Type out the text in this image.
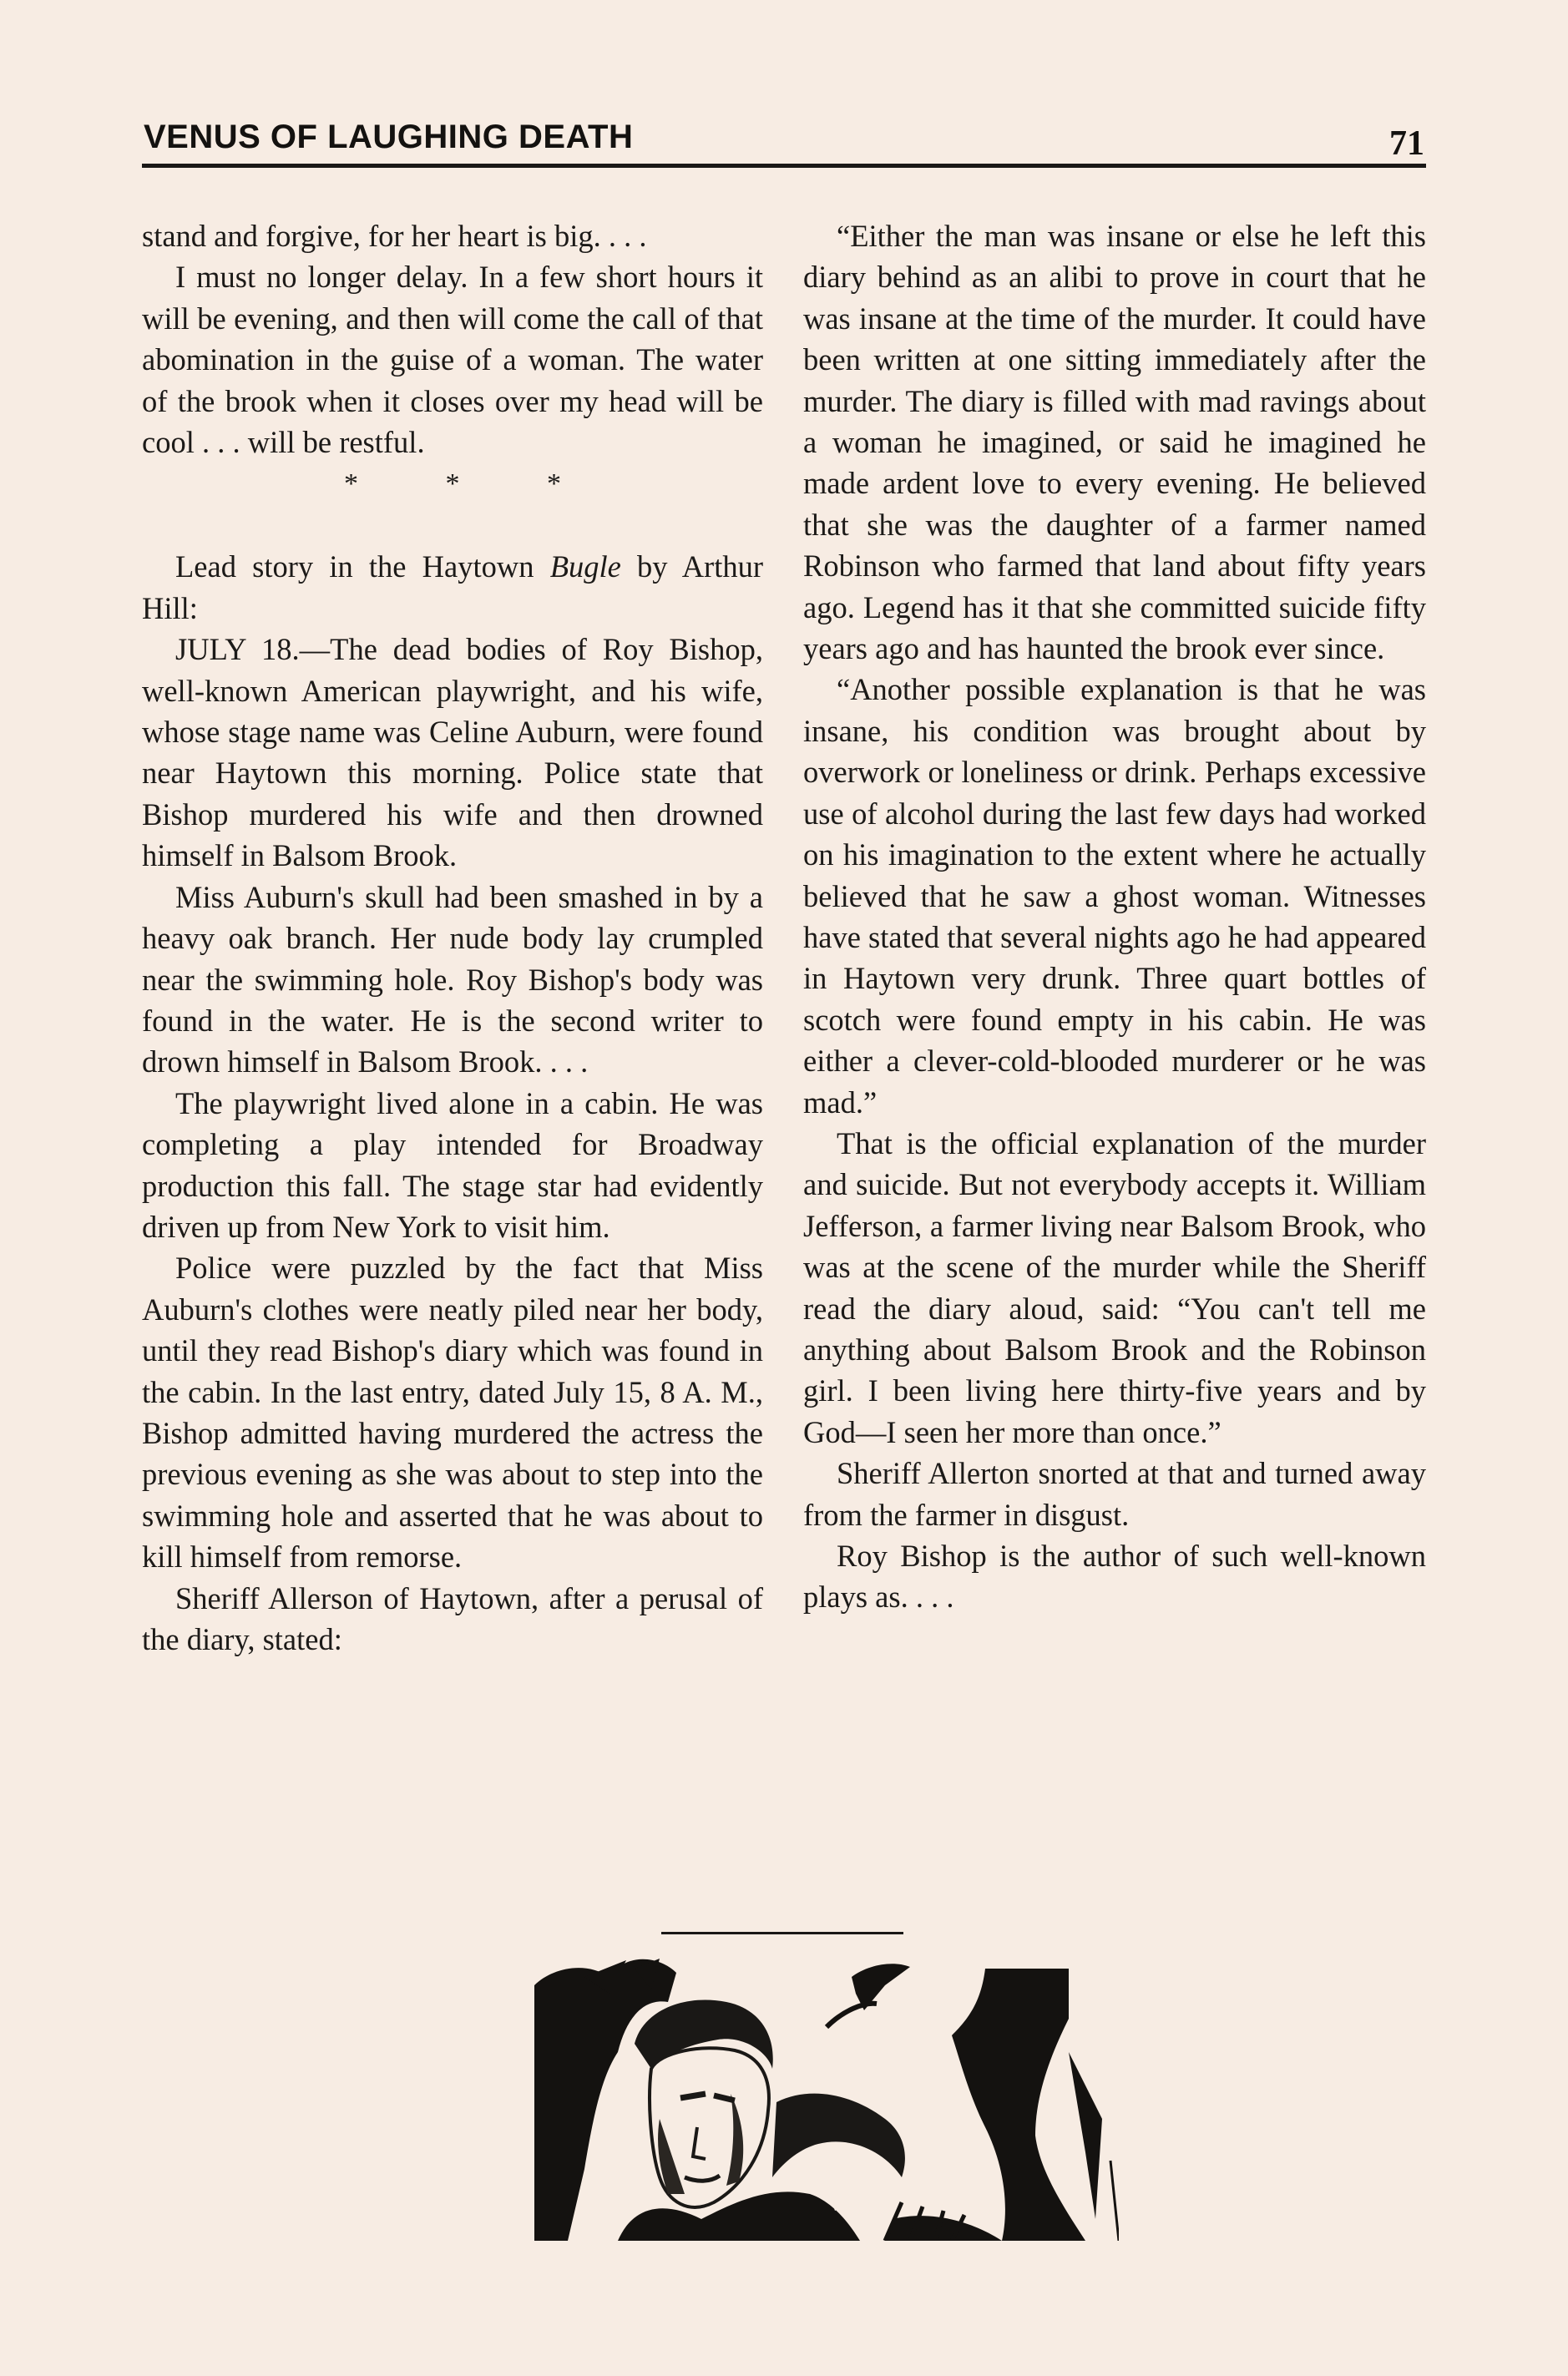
VENUS OF LAUGHING DEATH	71

stand and forgive, for her heart is big. . . .

I must no longer delay. In a few short hours it will be evening, and then will come the call of that abomination in the guise of a woman. The water of the brook when it closes over my head will be cool . . . will be restful.

* * *

Lead story in the Haytown Bugle by Arthur Hill:

JULY 18.—The dead bodies of Roy Bishop, well-known American playwright, and his wife, whose stage name was Celine Auburn, were found near Haytown this morning. Police state that Bishop murdered his wife and then drowned himself in Balsom Brook.

Miss Auburn's skull had been smashed in by a heavy oak branch. Her nude body lay crumpled near the swimming hole. Roy Bishop's body was found in the water. He is the second writer to drown himself in Balsom Brook. . . .

The playwright lived alone in a cabin. He was completing a play intended for Broadway production this fall. The stage star had evidently driven up from New York to visit him.

Police were puzzled by the fact that Miss Auburn's clothes were neatly piled near her body, until they read Bishop's diary which was found in the cabin. In the last entry, dated July 15, 8 A. M., Bishop admitted having murdered the actress the previous evening as she was about to step into the swimming hole and asserted that he was about to kill himself from remorse.

Sheriff Allerson of Haytown, after a perusal of the diary, stated:

“Either the man was insane or else he left this diary behind as an alibi to prove in court that he was insane at the time of the murder. It could have been written at one sitting immediately after the murder. The diary is filled with mad ravings about a woman he imagined, or said he imagined he made ardent love to every evening. He believed that she was the daughter of a farmer named Robinson who farmed that land about fifty years ago. Legend has it that she committed suicide fifty years ago and has haunted the brook ever since.

“Another possible explanation is that he was insane, his condition was brought about by overwork or loneliness or drink. Perhaps excessive use of alcohol during the last few days had worked on his imagination to the extent where he actually believed that he saw a ghost woman. Witnesses have stated that several nights ago he had appeared in Haytown very drunk. Three quart bottles of scotch were found empty in his cabin. He was either a clever-cold-blooded murderer or he was mad.”

That is the official explanation of the murder and suicide. But not everybody accepts it. William Jefferson, a farmer living near Balsom Brook, who was at the scene of the murder while the Sheriff read the diary aloud, said: “You can't tell me anything about Balsom Brook and the Robinson girl. I been living here thirty-five years and by God—I seen her more than once.”

Sheriff Allerton snorted at that and turned away from the farmer in disgust.

Roy Bishop is the author of such well-known plays as. . . .
